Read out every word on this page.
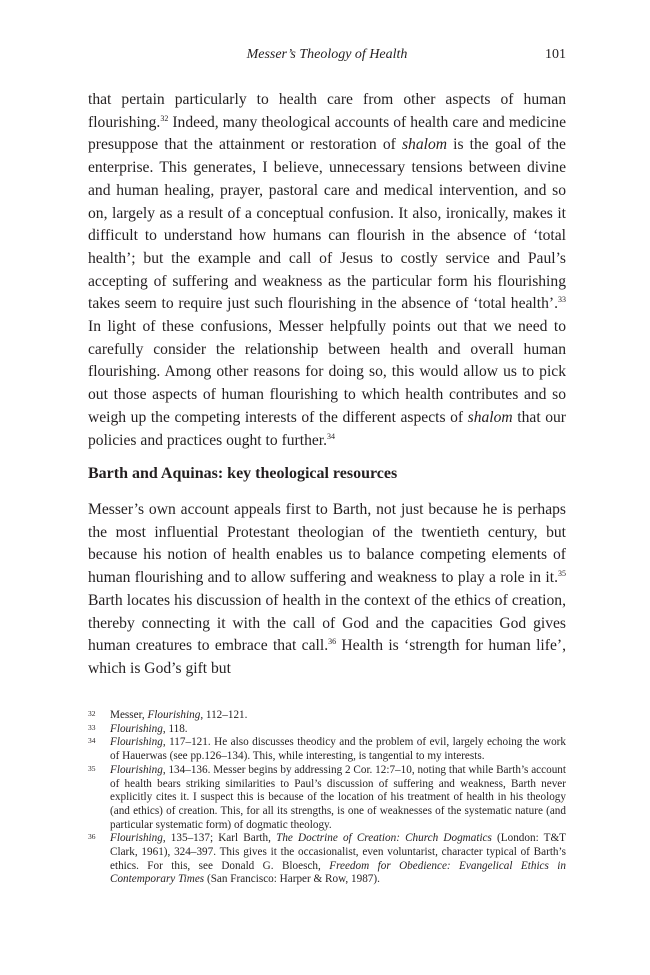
Messer’s Theology of Health	101

that pertain particularly to health care from other aspects of human flourishing.$^{32}$ Indeed, many theological accounts of health care and medicine presuppose that the attainment or restoration of shalom is the goal of the enterprise. This generates, I believe, unnecessary tensions between divine and human healing, prayer, pastoral care and medical intervention, and so on, largely as a result of a conceptual confusion. It also, ironically, makes it difficult to understand how humans can flourish in the absence of ‘total health’; but the example and call of Jesus to costly service and Paul’s accepting of suffering and weakness as the particular form his flourishing takes seem to require just such flourishing in the absence of ‘total health’.$^{33}$ In light of these confusions, Messer helpfully points out that we need to carefully consider the relationship between health and overall human flourishing. Among other reasons for doing so, this would allow us to pick out those aspects of human flourishing to which health contributes and so weigh up the competing interests of the different aspects of shalom that our policies and practices ought to further.$^{34}$

Barth and Aquinas: key theological resources

Messer’s own account appeals first to Barth, not just because he is perhaps the most influential Protestant theologian of the twentieth century, but because his notion of health enables us to balance competing elements of human flourishing and to allow suffering and weakness to play a role in it.$^{35}$ Barth locates his discussion of health in the context of the ethics of creation, thereby connecting it with the call of God and the capacities God gives human creatures to embrace that call.$^{36}$ Health is ‘strength for human life’, which is God’s gift but

32 Messer, Flourishing, 112–121.
33 Flourishing, 118.
34 Flourishing, 117–121. He also discusses theodicy and the problem of evil, largely echoing the work of Hauerwas (see pp.126–134). This, while interesting, is tangential to my interests.
35 Flourishing, 134–136. Messer begins by addressing 2 Cor. 12:7–10, noting that while Barth’s account of health bears striking similarities to Paul’s discussion of suffering and weakness, Barth never explicitly cites it. I suspect this is because of the location of his treatment of health in his theology (and ethics) of creation. This, for all its strengths, is one of weaknesses of the systematic nature (and particular systematic form) of dogmatic theology.
36 Flourishing, 135–137; Karl Barth, The Doctrine of Creation: Church Dogmatics (London: T&T Clark, 1961), 324–397. This gives it the occasionalist, even voluntarist, character typical of Barth’s ethics. For this, see Donald G. Bloesch, Freedom for Obedience: Evangelical Ethics in Contemporary Times (San Francisco: Harper & Row, 1987).
